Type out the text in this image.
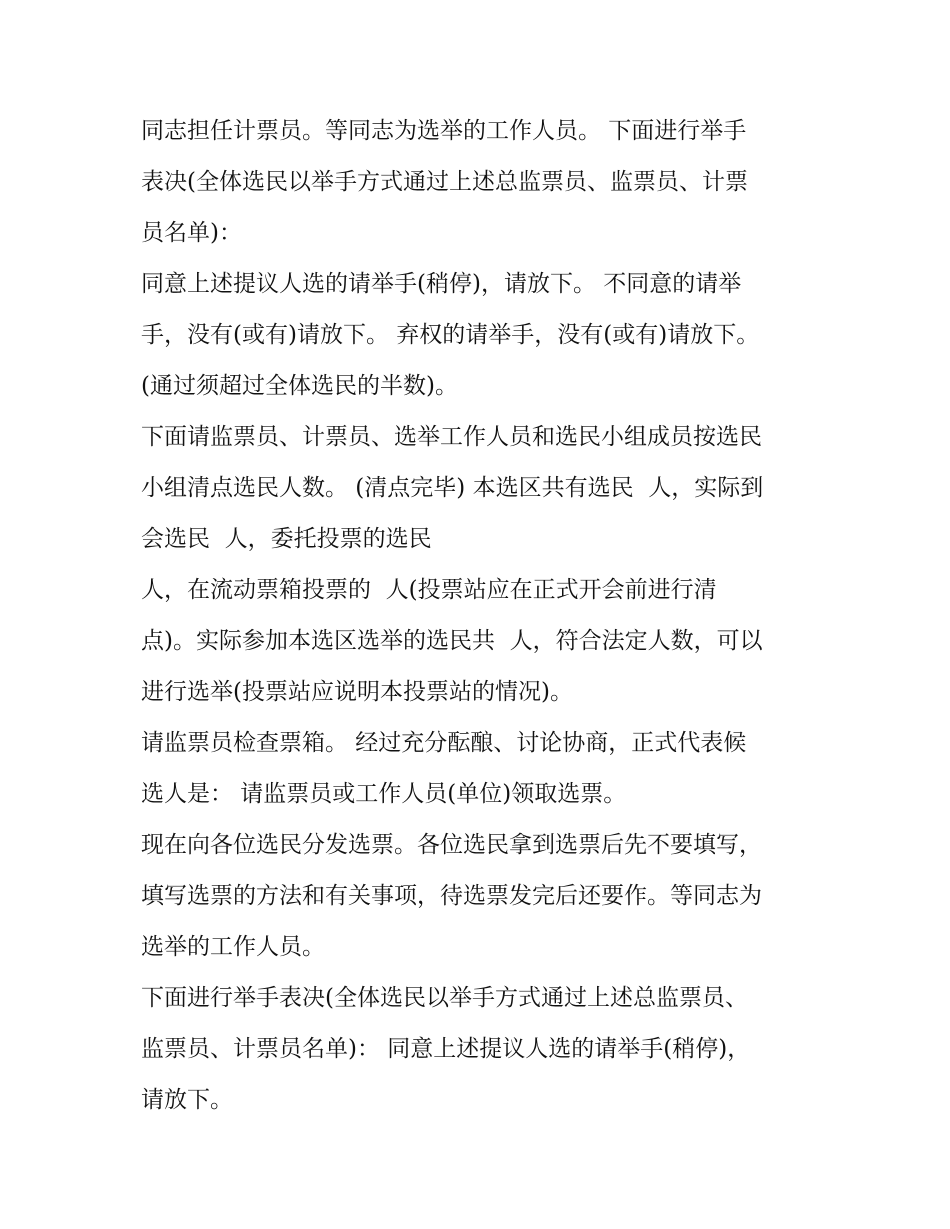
同志担任计票员。等同志为选举的工作人员。 下面进行举手
表决(全体选民以举手方式通过上述总监票员、监票员、计票
员名单)：

同意上述提议人选的请举手(稍停)，请放下。 不同意的请举
手，没有(或有)请放下。 弃权的请举手，没有(或有)请放下。
(通过须超过全体选民的半数)。

下面请监票员、计票员、选举工作人员和选民小组成员按选民
小组清点选民人数。 (清点完毕) 本选区共有选民  人，实际到
会选民  人，委托投票的选民

人，在流动票箱投票的  人(投票站应在正式开会前进行清
点)。实际参加本选区选举的选民共  人，符合法定人数，可以
进行选举(投票站应说明本投票站的情况)。

请监票员检查票箱。 经过充分酝酿、讨论协商，正式代表候
选人是： 请监票员或工作人员(单位)领取选票。

现在向各位选民分发选票。各位选民拿到选票后先不要填写，
填写选票的方法和有关事项，待选票发完后还要作。等同志为
选举的工作人员。

下面进行举手表决(全体选民以举手方式通过上述总监票员、
监票员、计票员名单)： 同意上述提议人选的请举手(稍停)，
请放下。
